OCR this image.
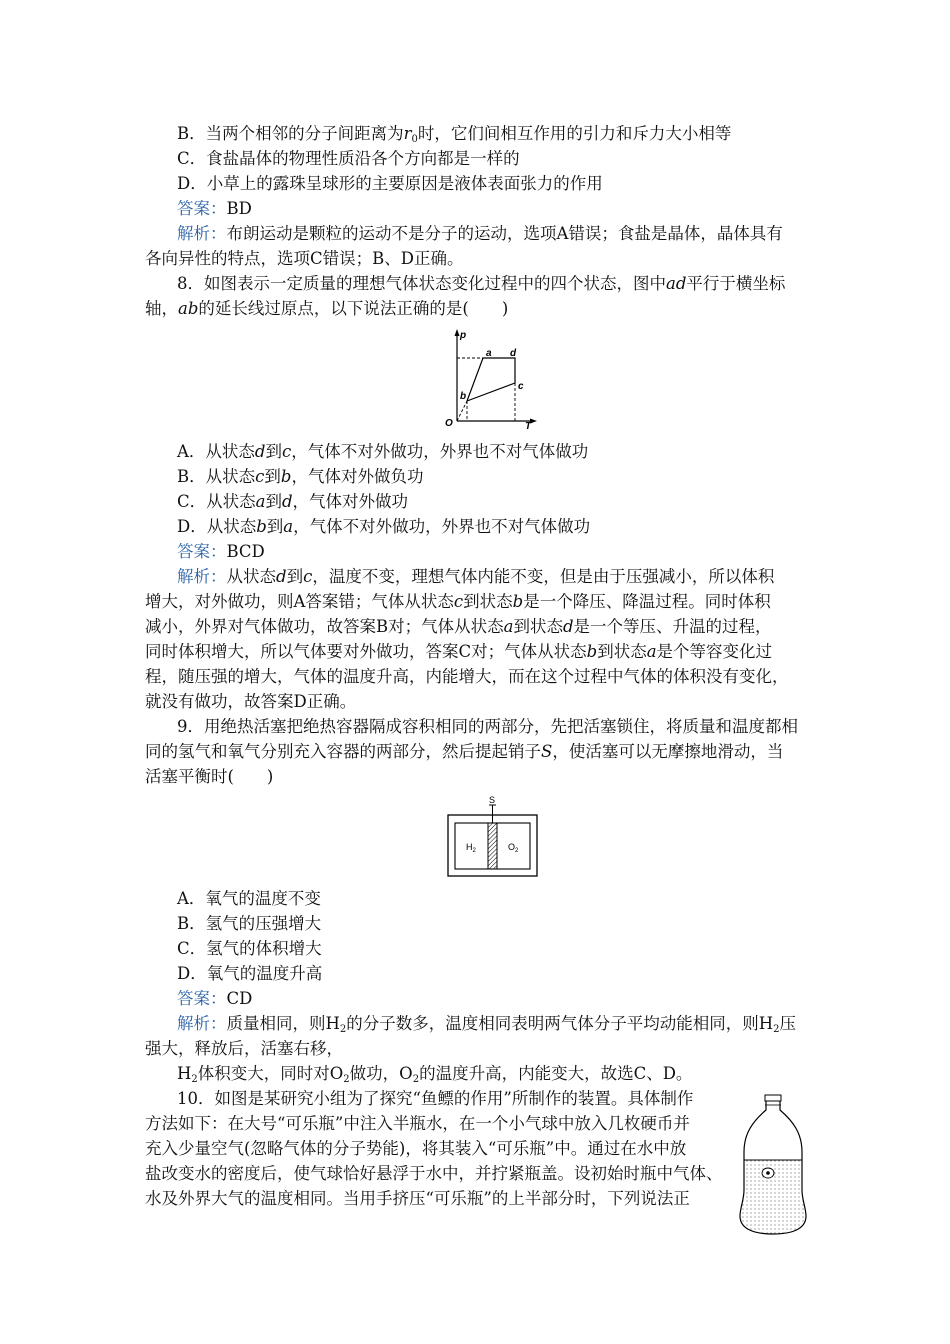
B．当两个相邻的分子间距离为$r_0$时，它们间相互作用的引力和斥力大小相等
C．食盐晶体的物理性质沿各个方向都是一样的
D．小草上的露珠呈球形的主要原因是液体表面张力的作用
答案：BD
解析：布朗运动是颗粒的运动不是分子的运动，选项A错误；食盐是晶体，晶体具有
各向异性的特点，选项C错误；B、D正确。
8．如图表示一定质量的理想气体状态变化过程中的四个状态，图中ad平行于横坐标
轴，ab的延长线过原点，以下说法正确的是(　　)
p
T
O
a d
c
b
A．从状态d到c，气体不对外做功，外界也不对气体做功
B．从状态c到b，气体对外做负功
C．从状态a到d，气体对外做功
D．从状态b到a，气体不对外做功，外界也不对气体做功
答案：BCD
解析：从状态d到c，温度不变，理想气体内能不变，但是由于压强减小，所以体积
增大，对外做功，则A答案错；气体从状态c到状态b是一个降压、降温过程。同时体积
减小，外界对气体做功，故答案B对；气体从状态a到状态d是一个等压、升温的过程，
同时体积增大，所以气体要对外做功，答案C对；气体从状态b到状态a是个等容变化过
程，随压强的增大，气体的温度升高，内能增大，而在这个过程中气体的体积没有变化，
就没有做功，故答案D正确。
9．用绝热活塞把绝热容器隔成容积相同的两部分，先把活塞锁住，将质量和温度都相
同的氢气和氧气分别充入容器的两部分，然后提起销子S，使活塞可以无摩擦地滑动，当
活塞平衡时(　　)
S
$H_2$	$O_2$
A．氧气的温度不变
B．氢气的压强增大
C．氢气的体积增大
D．氧气的温度升高
答案：CD
解析：质量相同，则$H_2$的分子数多，温度相同表明两气体分子平均动能相同，则$H_2$压
强大，释放后，活塞右移，
$H_2$体积变大，同时对$O_2$做功，$O_2$的温度升高，内能变大，故选C、D。
10．如图是某研究小组为了探究“鱼鳔的作用”所制作的装置。具体制作
方法如下：在大号“可乐瓶”中注入半瓶水，在一个小气球中放入几枚硬币并
充入少量空气(忽略气体的分子势能)，将其装入“可乐瓶”中。通过在水中放
盐改变水的密度后，使气球恰好悬浮于水中，并拧紧瓶盖。设初始时瓶中气体、
水及外界大气的温度相同。当用手挤压“可乐瓶”的上半部分时，下列说法正
